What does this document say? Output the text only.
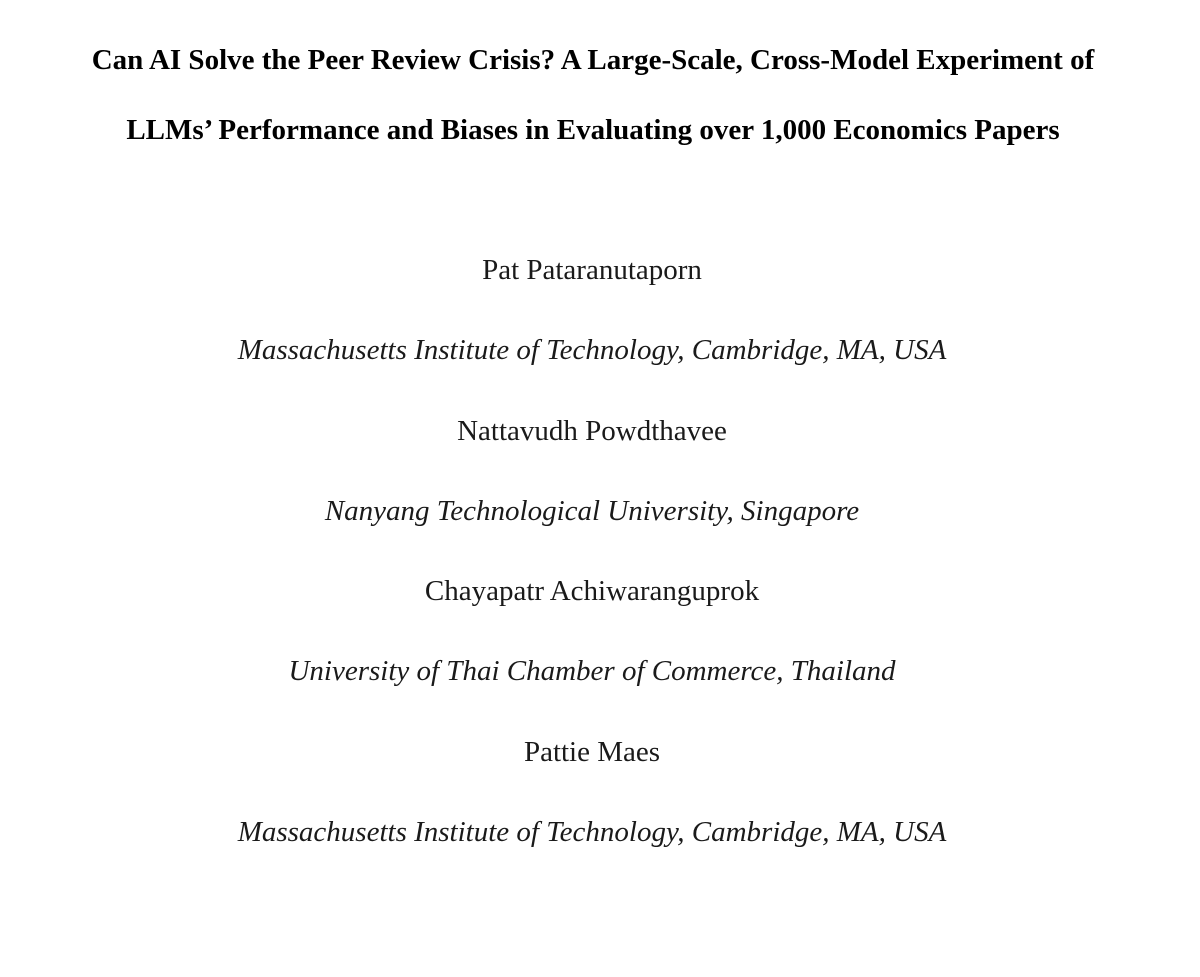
Can AI Solve the Peer Review Crisis? A Large-Scale, Cross-Model Experiment of
LLMs’ Performance and Biases in Evaluating over 1,000 Economics Papers
Pat Pataranutaporn
Massachusetts Institute of Technology, Cambridge, MA, USA
Nattavudh Powdthavee
Nanyang Technological University, Singapore
Chayapatr Achiwaranguprok
University of Thai Chamber of Commerce, Thailand
Pattie Maes
Massachusetts Institute of Technology, Cambridge, MA, USA
